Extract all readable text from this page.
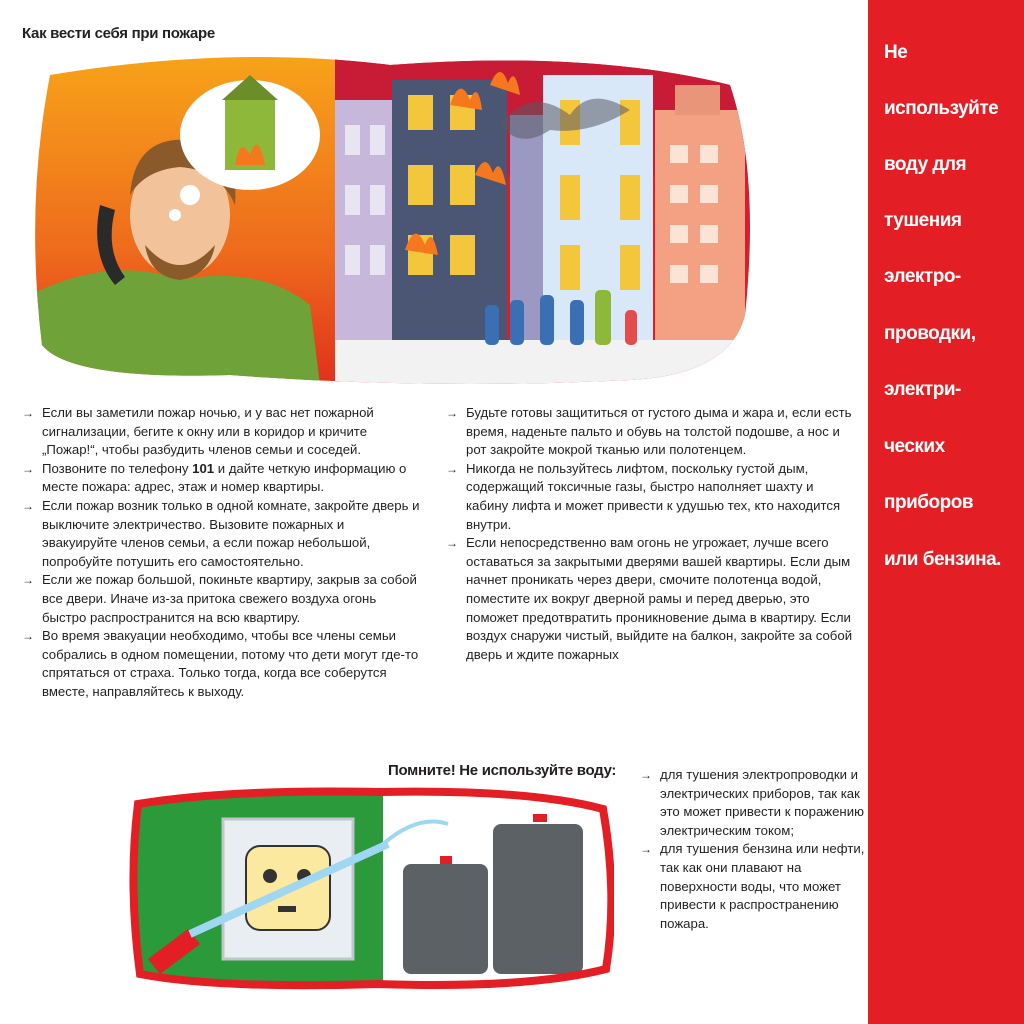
Как вести себя при пожаре
→ Если вы заметили пожар ночью, и у вас нет пожарной сигнализации, бегите к окну или в коридор и кричите „Пожар!“, чтобы разбудить членов семьи и соседей.
→ Позвоните по телефону 101 и дайте четкую информацию о месте пожара: адрес, этаж и номер квартиры.
→ Если пожар возник только в одной комнате, закройте дверь и выключите электричество. Вызовите пожарных и эвакуируйте членов семьи, а если пожар небольшой, попробуйте потушить его самостоятельно.
→ Если же пожар большой, покиньте квартиру, закрыв за собой все двери. Иначе из-за притока свежего воздуха огонь быстро распространится на всю квартиру.
→ Во время эвакуации необходимо, чтобы все члены семьи собрались в одном помещении, потому что дети могут где-то спрятаться от страха. Только тогда, когда все соберутся вместе, направляйтесь к выходу.
→ Будьте готовы защититься от густого дыма и жара и, если есть время, наденьте пальто и обувь на толстой подошве, а нос и рот закройте мокрой тканью или полотенцем.
→ Никогда не пользуйтесь лифтом, поскольку густой дым, содержащий токсичные газы, быстро наполняет шахту и кабину лифта и может привести к удушью тех, кто находится внутри.
→ Если непосредственно вам огонь не угрожает, лучше всего оставаться за закрытыми дверями вашей квартиры. Если дым начнет проникать через двери, смочите полотенца водой, поместите их вокруг дверной рамы и перед дверью, это поможет предотвратить проникновение дыма в квартиру. Если воздух снаружи чистый, выйдите на балкон, закройте за собой дверь и ждите пожарных
Помните! Не используйте воду: → для тушения электропроводки и электрических приборов, так как это может привести к поражению электрическим током;
→ для тушения бензина или нефти, так как они плавают на поверхности воды, что может привести к распространению пожара.
Не
используйте
воду для
тушения
электро-
проводки,
электри-
ческих
приборов
или бензина.
